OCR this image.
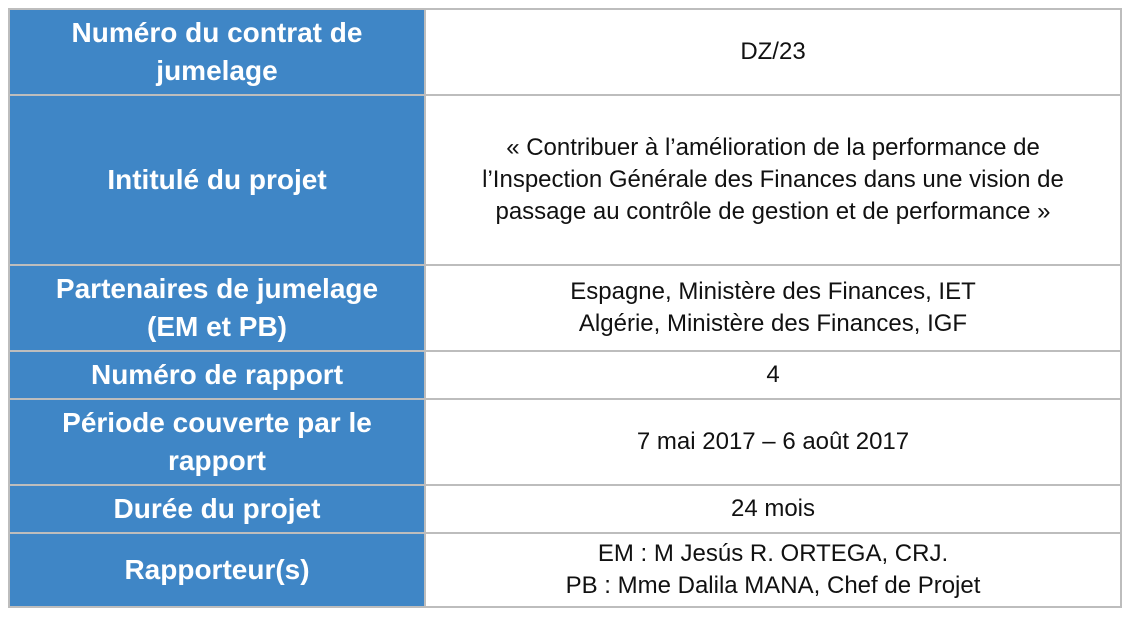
Numéro du contrat de
jumelage	DZ/23

Intitulé du projet	« Contribuer à l’amélioration de la performance de
l’Inspection Générale des Finances dans une vision de
passage au contrôle de gestion et de performance »

Partenaires de jumelage
(EM et PB)	Espagne, Ministère des Finances, IET
Algérie, Ministère des Finances, IGF

Numéro de rapport	4

Période couverte par le
rapport	7 mai 2017 – 6 août 2017

Durée du projet	24 mois

Rapporteur(s)	EM : M Jesús R. ORTEGA, CRJ.
PB : Mme Dalila MANA, Chef de Projet
